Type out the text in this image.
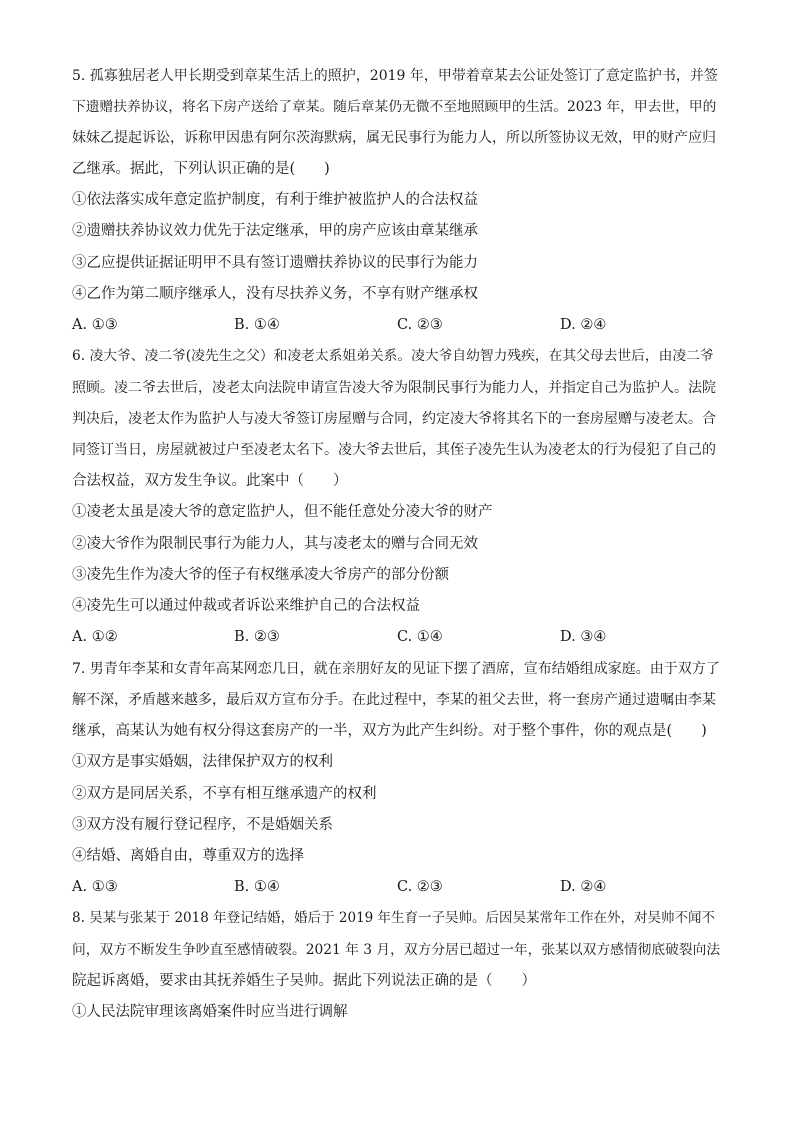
5. 孤寡独居老人甲长期受到章某生活上的照护，2019 年，甲带着章某去公证处签订了意定监护书，并签
下遗赠扶养协议，将名下房产送给了章某。随后章某仍无微不至地照顾甲的生活。2023 年，甲去世，甲的
妹妹乙提起诉讼，诉称甲因患有阿尔茨海默病，属无民事行为能力人，所以所签协议无效，甲的财产应归
乙继承。据此，下列认识正确的是(　　)
①依法落实成年意定监护制度，有利于维护被监护人的合法权益
②遗赠扶养协议效力优先于法定继承，甲的房产应该由章某继承
③乙应提供证据证明甲不具有签订遗赠扶养协议的民事行为能力
④乙作为第二顺序继承人，没有尽扶养义务，不享有财产继承权
A. ①③	B. ①④	C. ②③	D. ②④
6. 凌大爷、凌二爷(凌先生之父）和凌老太系姐弟关系。凌大爷自幼智力残疾，在其父母去世后，由凌二爷
照顾。凌二爷去世后，凌老太向法院申请宣告凌大爷为限制民事行为能力人，并指定自己为监护人。法院
判决后，凌老太作为监护人与凌大爷签订房屋赠与合同，约定凌大爷将其名下的一套房屋赠与凌老太。合
同签订当日，房屋就被过户至凌老太名下。凌大爷去世后，其侄子凌先生认为凌老太的行为侵犯了自己的
合法权益，双方发生争议。此案中（　　）
①凌老太虽是凌大爷的意定监护人，但不能任意处分凌大爷的财产
②凌大爷作为限制民事行为能力人，其与凌老太的赠与合同无效
③凌先生作为凌大爷的侄子有权继承凌大爷房产的部分份额
④凌先生可以通过仲裁或者诉讼来维护自己的合法权益
A. ①②	B. ②③	C. ①④	D. ③④
7. 男青年李某和女青年高某网恋几日，就在亲朋好友的见证下摆了酒席，宣布结婚组成家庭。由于双方了
解不深，矛盾越来越多，最后双方宣布分手。在此过程中，李某的祖父去世，将一套房产通过遗嘱由李某
继承，高某认为她有权分得这套房产的一半，双方为此产生纠纷。对于整个事件，你的观点是(　　)
①双方是事实婚姻，法律保护双方的权利
②双方是同居关系，不享有相互继承遗产的权利
③双方没有履行登记程序，不是婚姻关系
④结婚、离婚自由，尊重双方的选择
A. ①③	B. ①④	C. ②③	D. ②④
8. 吴某与张某于 2018 年登记结婚，婚后于 2019 年生育一子吴帅。后因吴某常年工作在外，对吴帅不闻不
问，双方不断发生争吵直至感情破裂。2021 年 3 月，双方分居已超过一年，张某以双方感情彻底破裂向法
院起诉离婚，要求由其抚养婚生子吴帅。据此下列说法正确的是（　　）
①人民法院审理该离婚案件时应当进行调解
